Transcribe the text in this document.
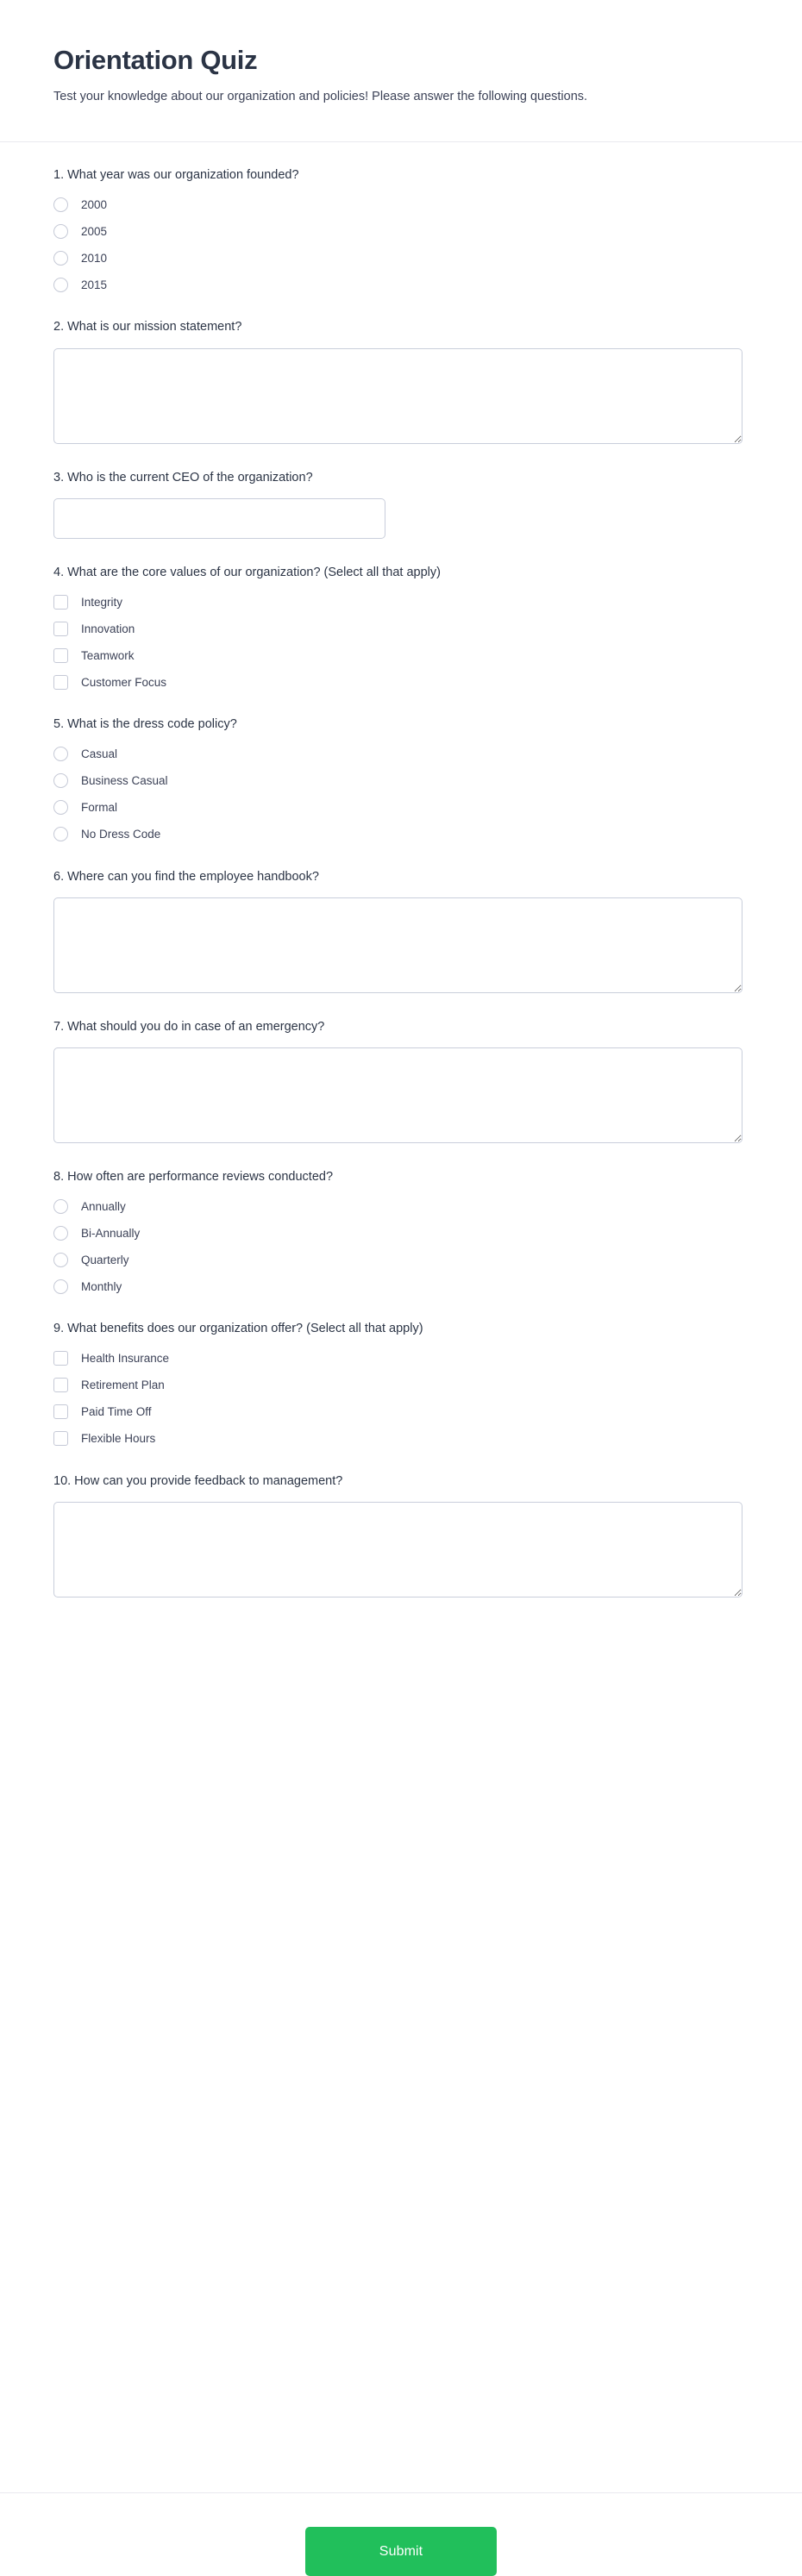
Orientation Quiz

Test your knowledge about our organization and policies! Please answer the following questions.

1. What year was our organization founded?
2000
2005
2010
2015
2. What is our mission statement?
3. Who is the current CEO of the organization?
4. What are the core values of our organization? (Select all that apply)
Integrity
Innovation
Teamwork
Customer Focus
5. What is the dress code policy?
Casual
Business Casual
Formal
No Dress Code
6. Where can you find the employee handbook?
7. What should you do in case of an emergency?
8. How often are performance reviews conducted?
Annually
Bi-Annually
Quarterly
Monthly
9. What benefits does our organization offer? (Select all that apply)
Health Insurance
Retirement Plan
Paid Time Off
Flexible Hours
10. How can you provide feedback to management?
Submit
